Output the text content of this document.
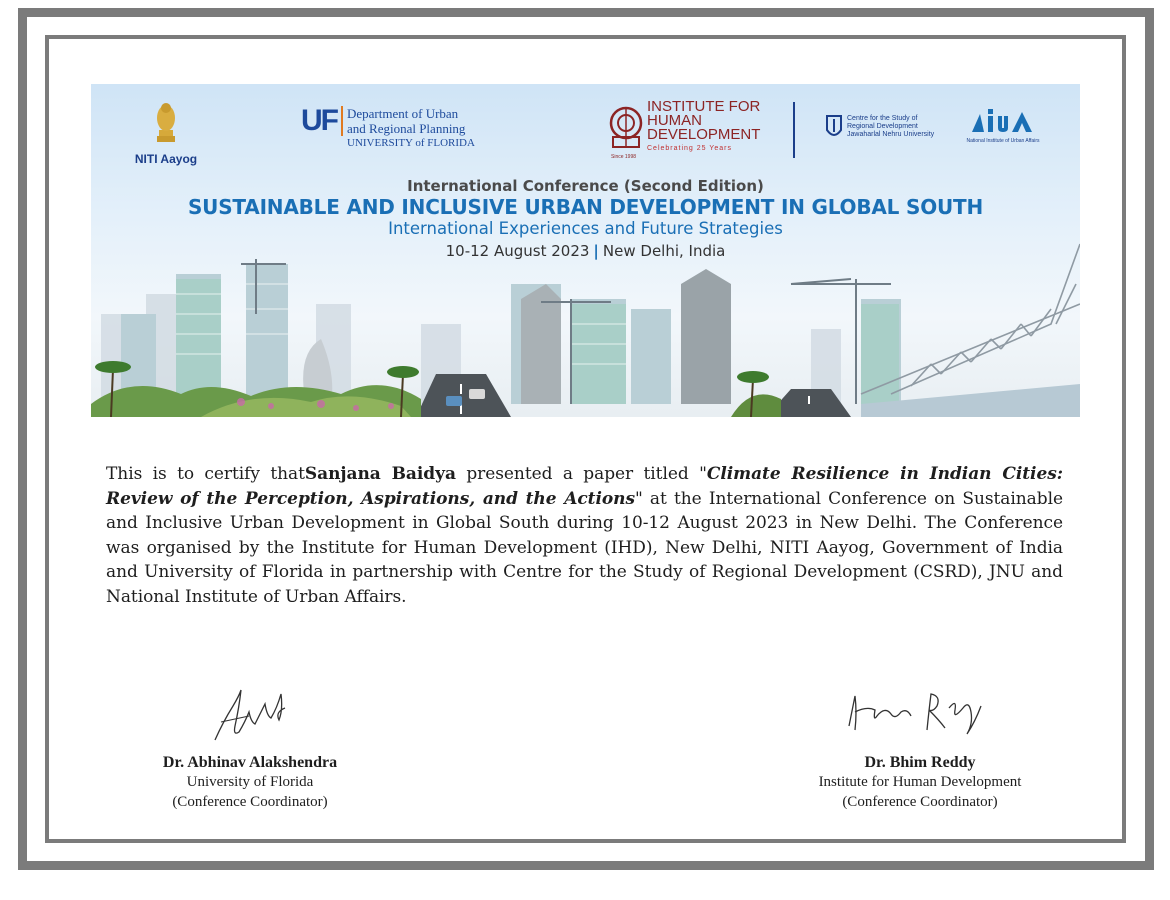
NITI Aayog
UF Department of Urban
and Regional Planning
UNIVERSITY of FLORIDA
INSTITUTE FOR
HUMAN
DEVELOPMENT
Celebrating 25 Years
Since 1998
Centre for the Study of
Regional Development
Jawaharlal Nehru University
National Institute of Urban Affairs
International Conference (Second Edition)
SUSTAINABLE AND INCLUSIVE URBAN DEVELOPMENT IN GLOBAL SOUTH
International Experiences and Future Strategies
10-12 August 2023 | New Delhi, India
This is to certify thatSanjana Baidya presented a paper titled "Climate Resilience in Indian Cities: Review of the Perception, Aspirations, and the Actions" at the International Conference on Sustainable and Inclusive Urban Development in Global South during 10-12 August 2023 in New Delhi. The Conference was organised by the Institute for Human Development (IHD), New Delhi, NITI Aayog, Government of India and University of Florida in partnership with Centre for the Study of Regional Development (CSRD), JNU and National Institute of Urban Affairs.
Dr. Abhinav Alakshendra
University of Florida
(Conference Coordinator)
Dr. Bhim Reddy
Institute for Human Development
(Conference Coordinator)
